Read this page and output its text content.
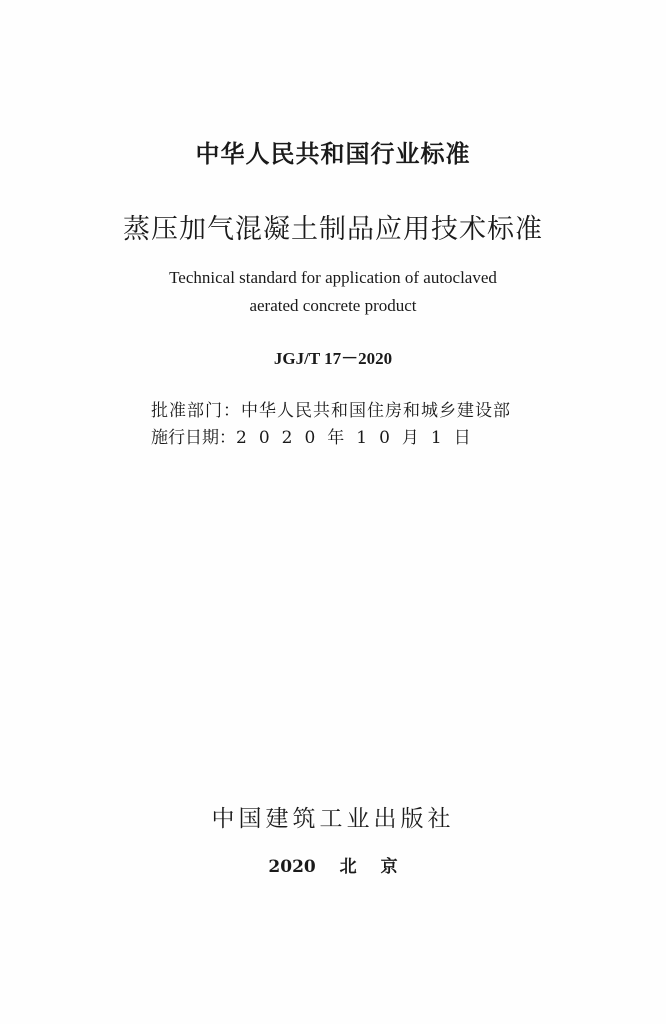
中华人民共和国行业标准
蒸压加气混凝土制品应用技术标准
Technical standard for application of autoclaved
aerated concrete product
JGJ/T 17－2020
批准部门：中华人民共和国住房和城乡建设部
施行日期：2020年10月1日
中国建筑工业出版社
2020 北 京
